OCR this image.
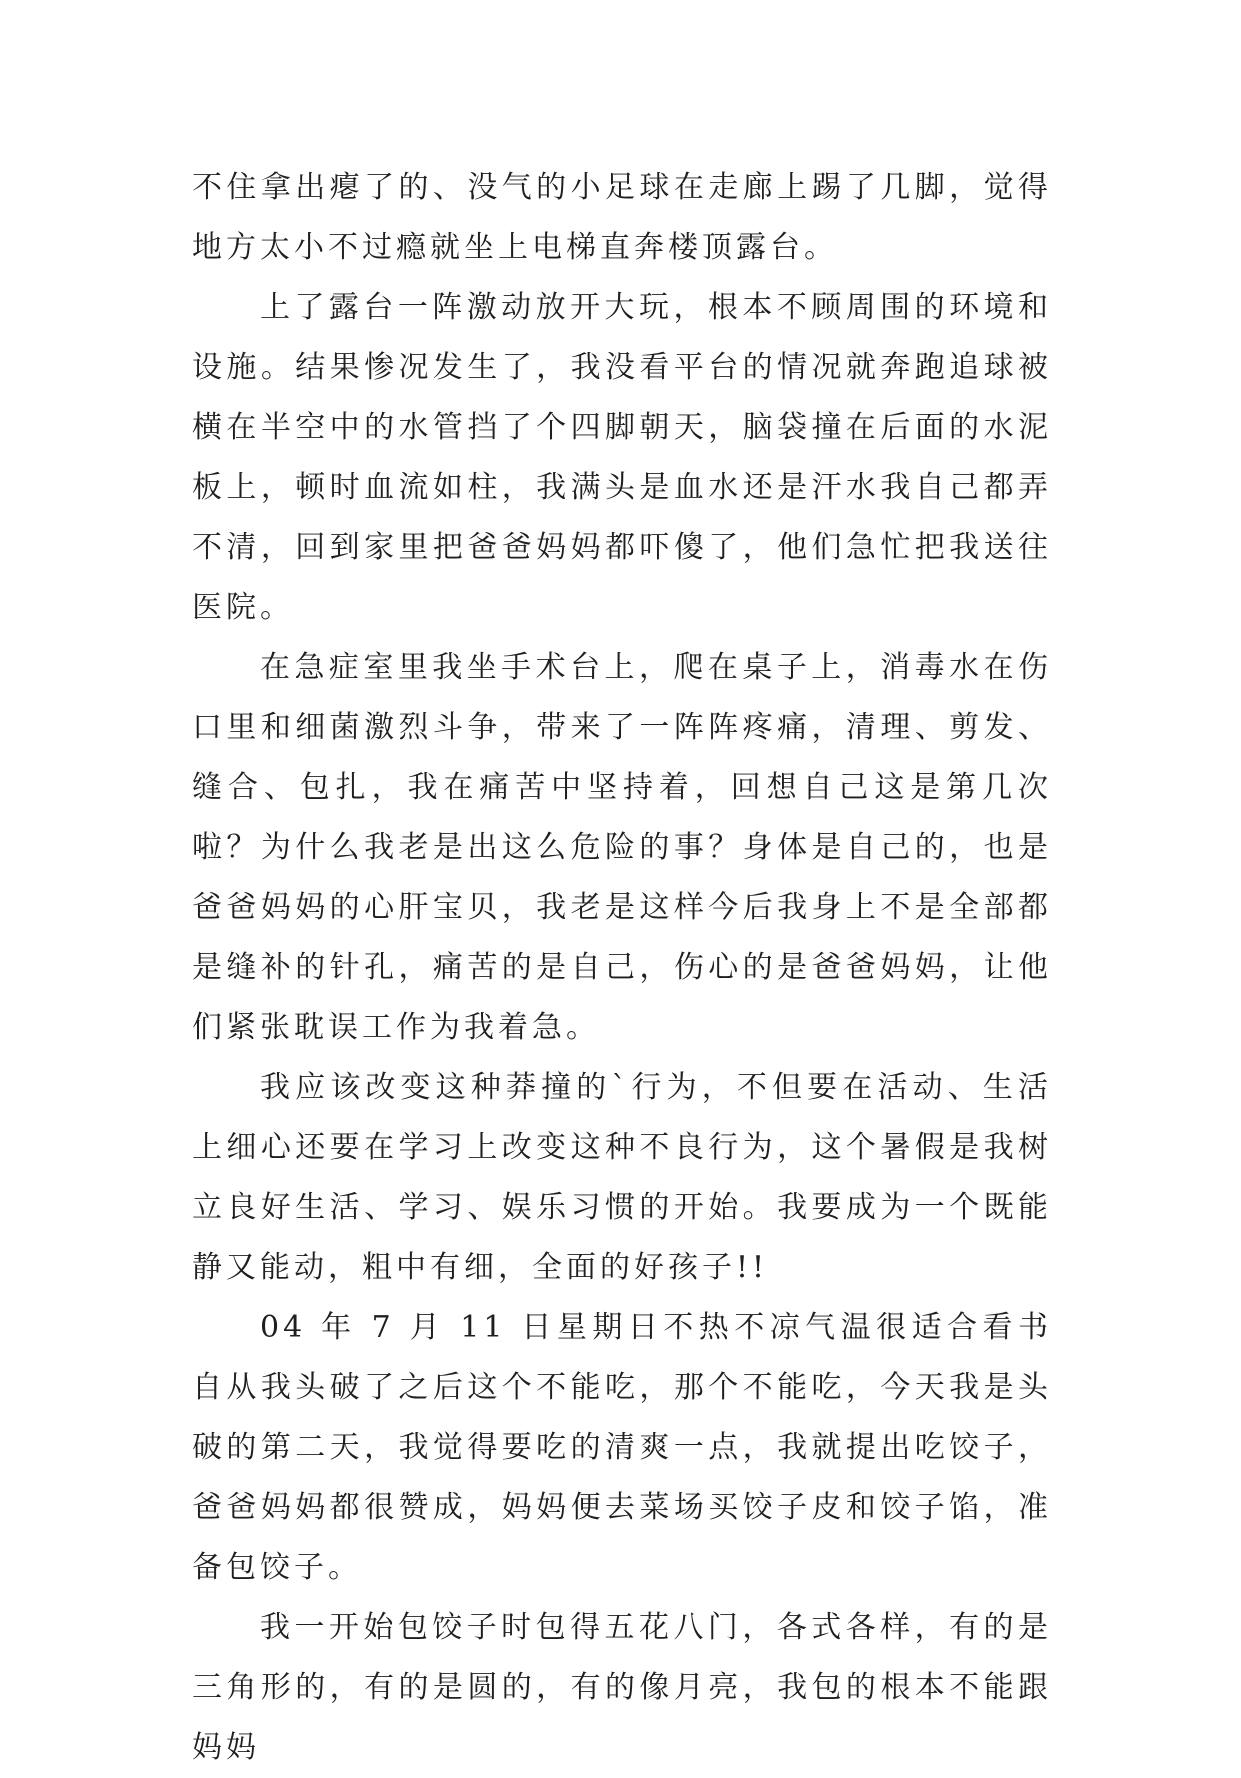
不住拿出瘪了的、没气的小足球在走廊上踢了几脚，觉得地方太小不过瘾就坐上电梯直奔楼顶露台。

上了露台一阵激动放开大玩，根本不顾周围的环境和设施。结果惨况发生了，我没看平台的情况就奔跑追球被横在半空中的水管挡了个四脚朝天，脑袋撞在后面的水泥板上，顿时血流如柱，我满头是血水还是汗水我自己都弄不清，回到家里把爸爸妈妈都吓傻了，他们急忙把我送往医院。

在急症室里我坐手术台上，爬在桌子上，消毒水在伤口里和细菌激烈斗争，带来了一阵阵疼痛，清理、剪发、缝合、包扎，我在痛苦中坚持着，回想自己这是第几次啦？为什么我老是出这么危险的事？身体是自己的，也是爸爸妈妈的心肝宝贝，我老是这样今后我身上不是全部都是缝补的针孔，痛苦的是自己，伤心的是爸爸妈妈，让他们紧张耽误工作为我着急。

我应该改变这种莽撞的`行为，不但要在活动、生活上细心还要在学习上改变这种不良行为，这个暑假是我树立良好生活、学习、娱乐习惯的开始。我要成为一个既能静又能动，粗中有细，全面的好孩子!!

04 年 7 月 11 日星期日不热不凉气温很适合看书自从我头破了之后这个不能吃，那个不能吃，今天我是头破的第二天，我觉得要吃的清爽一点，我就提出吃饺子，爸爸妈妈都很赞成，妈妈便去菜场买饺子皮和饺子馅，准备包饺子。

我一开始包饺子时包得五花八门，各式各样，有的是三角形的，有的是圆的，有的像月亮，我包的根本不能跟妈妈
